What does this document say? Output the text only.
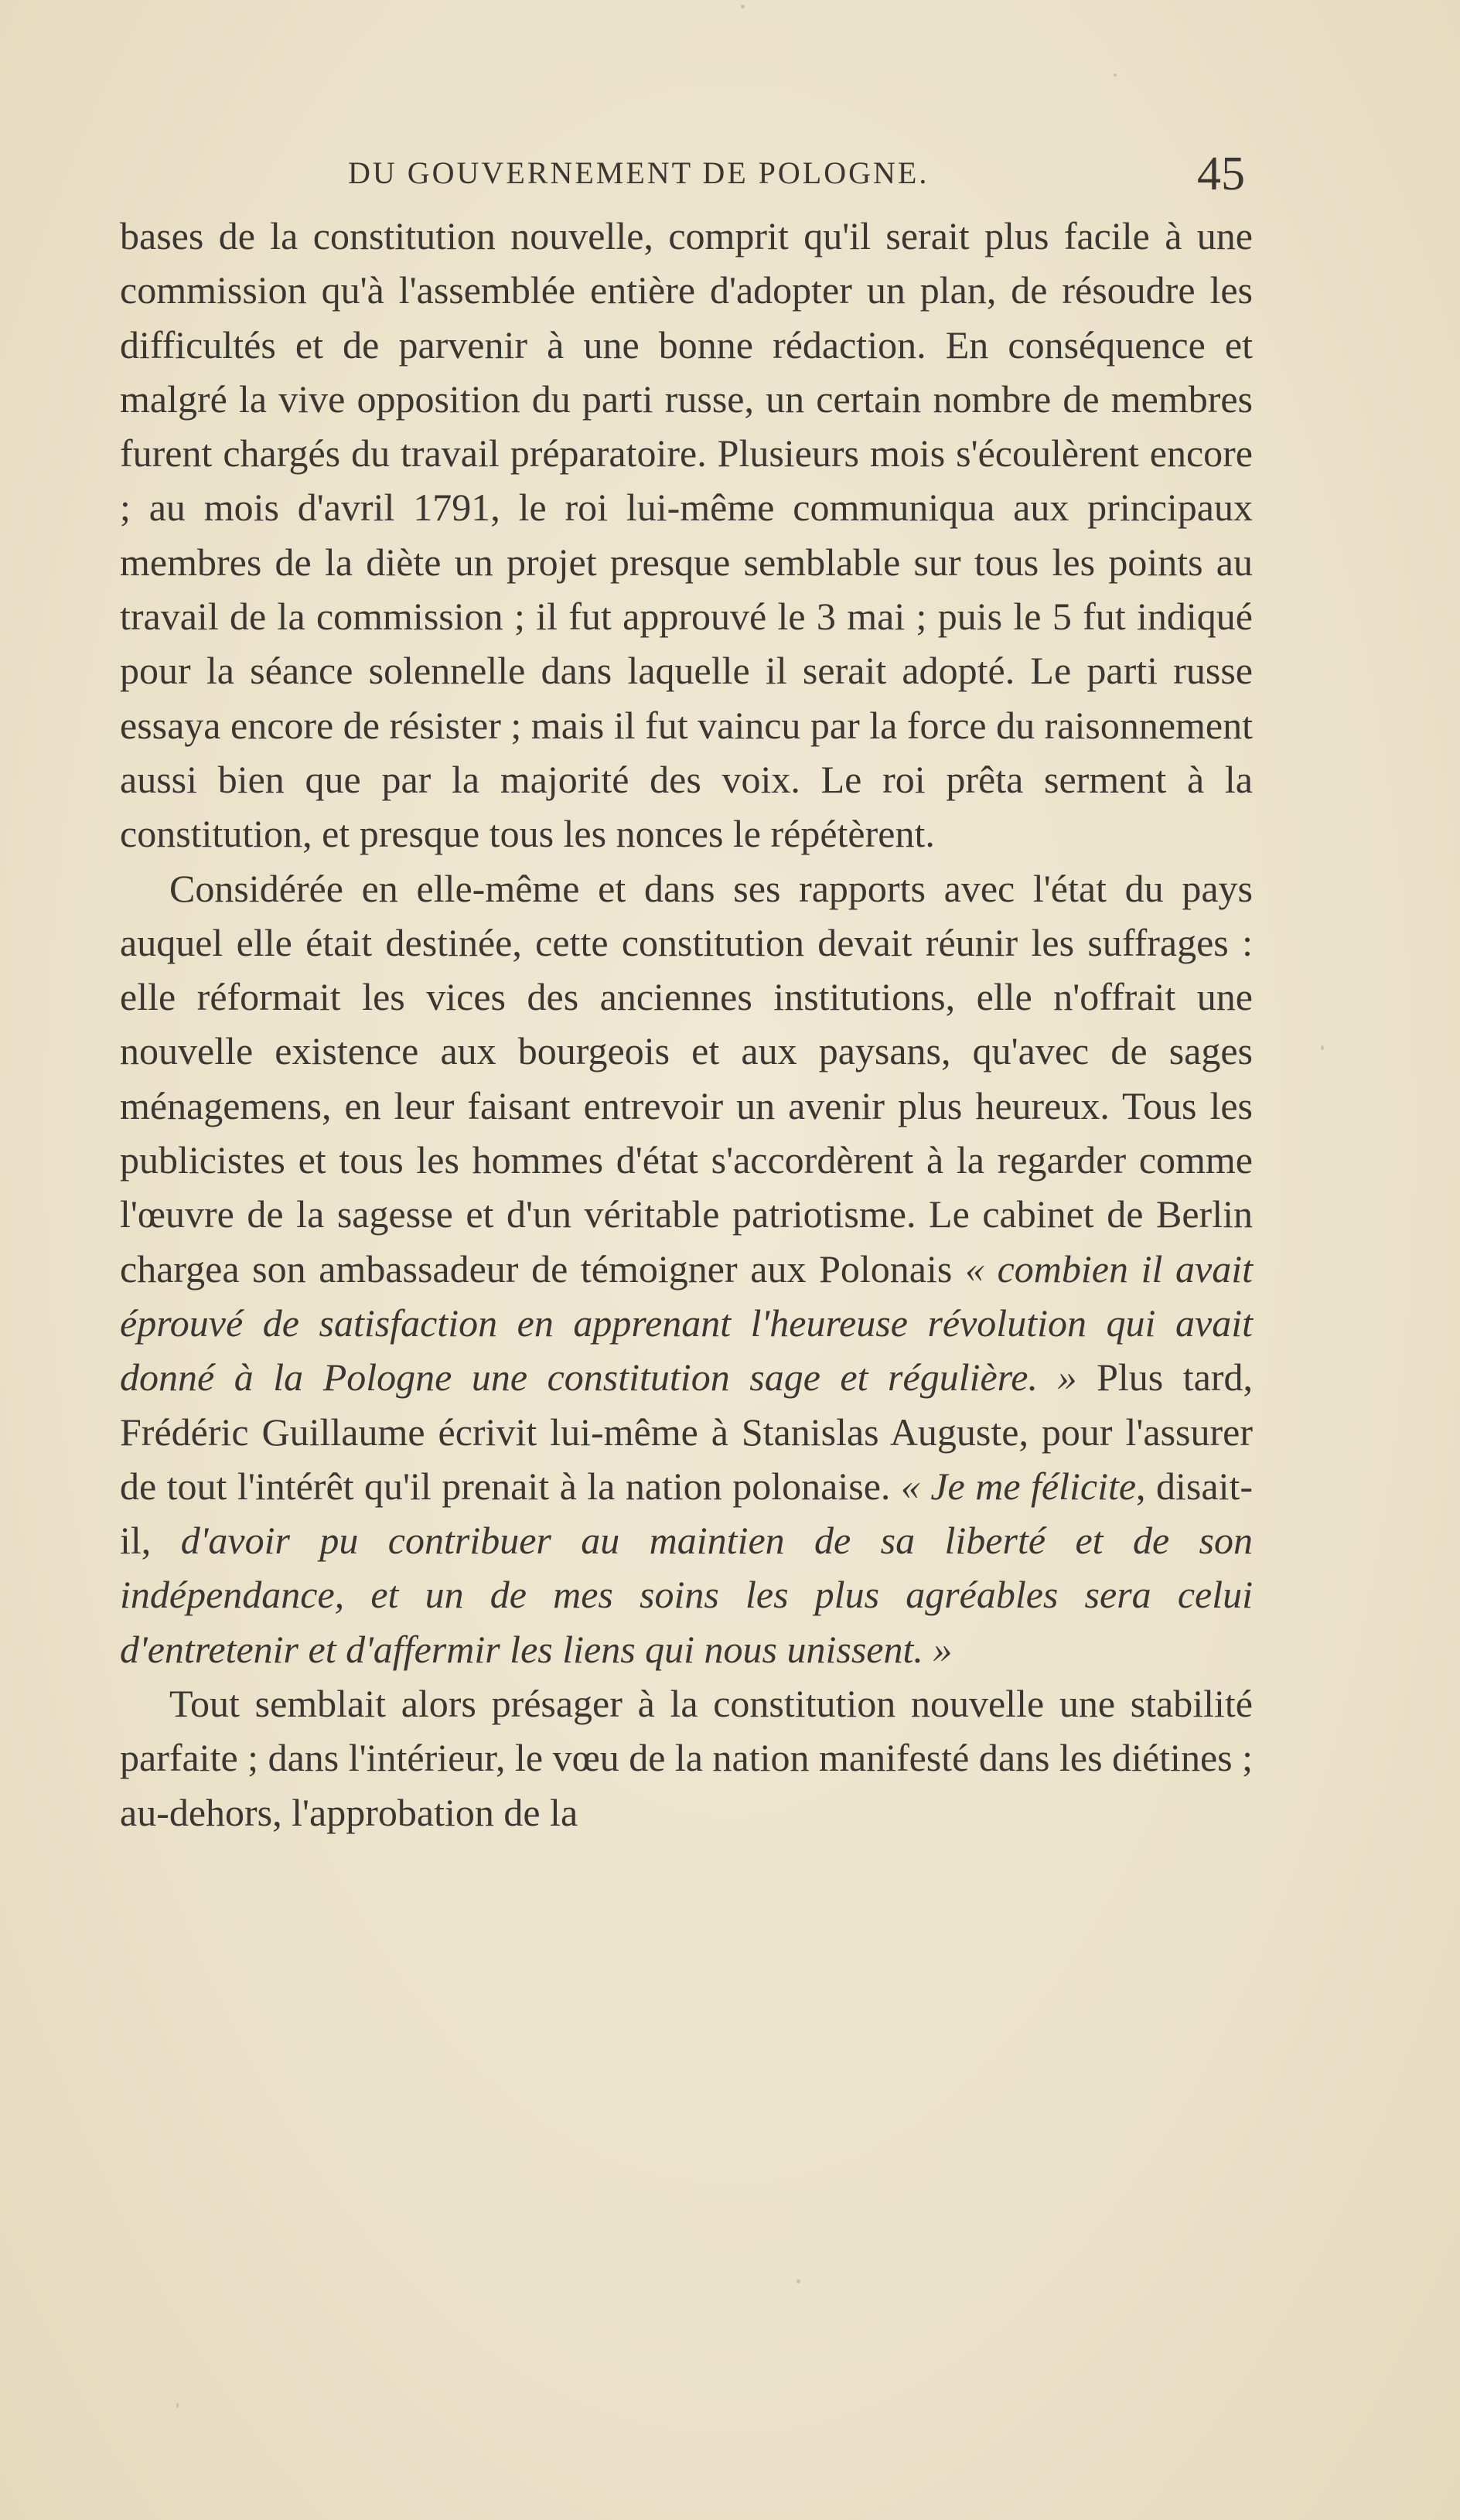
DU GOUVERNEMENT DE POLOGNE.	45

bases de la constitution nouvelle, comprit qu'il serait plus facile à une commission qu'à l'assemblée entière d'adopter un plan, de résoudre les difficultés et de parvenir à une bonne rédaction. En conséquence et malgré la vive opposition du parti russe, un certain nombre de membres furent chargés du travail préparatoire. Plusieurs mois s'écoulèrent encore ; au mois d'avril 1791, le roi lui-même communiqua aux principaux membres de la diète un projet presque semblable sur tous les points au travail de la commission ; il fut approuvé le 3 mai ; puis le 5 fut indiqué pour la séance solennelle dans laquelle il serait adopté. Le parti russe essaya encore de résister ; mais il fut vaincu par la force du raisonnement aussi bien que par la majorité des voix. Le roi prêta serment à la constitution, et presque tous les nonces le répétèrent.

Considérée en elle-même et dans ses rapports avec l'état du pays auquel elle était destinée, cette constitution devait réunir les suffrages : elle réformait les vices des anciennes institutions, elle n'offrait une nouvelle existence aux bourgeois et aux paysans, qu'avec de sages ménagemens, en leur faisant entrevoir un avenir plus heureux. Tous les publicistes et tous les hommes d'état s'accordèrent à la regarder comme l'œuvre de la sagesse et d'un véritable patriotisme. Le cabinet de Berlin chargea son ambassadeur de témoigner aux Polonais « combien il avait éprouvé de satisfaction en apprenant l'heureuse révolution qui avait donné à la Pologne une constitution sage et régulière. » Plus tard, Frédéric Guillaume écrivit lui-même à Stanislas Auguste, pour l'assurer de tout l'intérêt qu'il prenait à la nation polonaise. « Je me félicite, disait-il, d'avoir pu contribuer au maintien de sa liberté et de son indépendance, et un de mes soins les plus agréables sera celui d'entretenir et d'affermir les liens qui nous unissent. »

Tout semblait alors présager à la constitution nouvelle une stabilité parfaite ; dans l'intérieur, le vœu de la nation manifesté dans les diétines ; au-dehors, l'approbation de la
